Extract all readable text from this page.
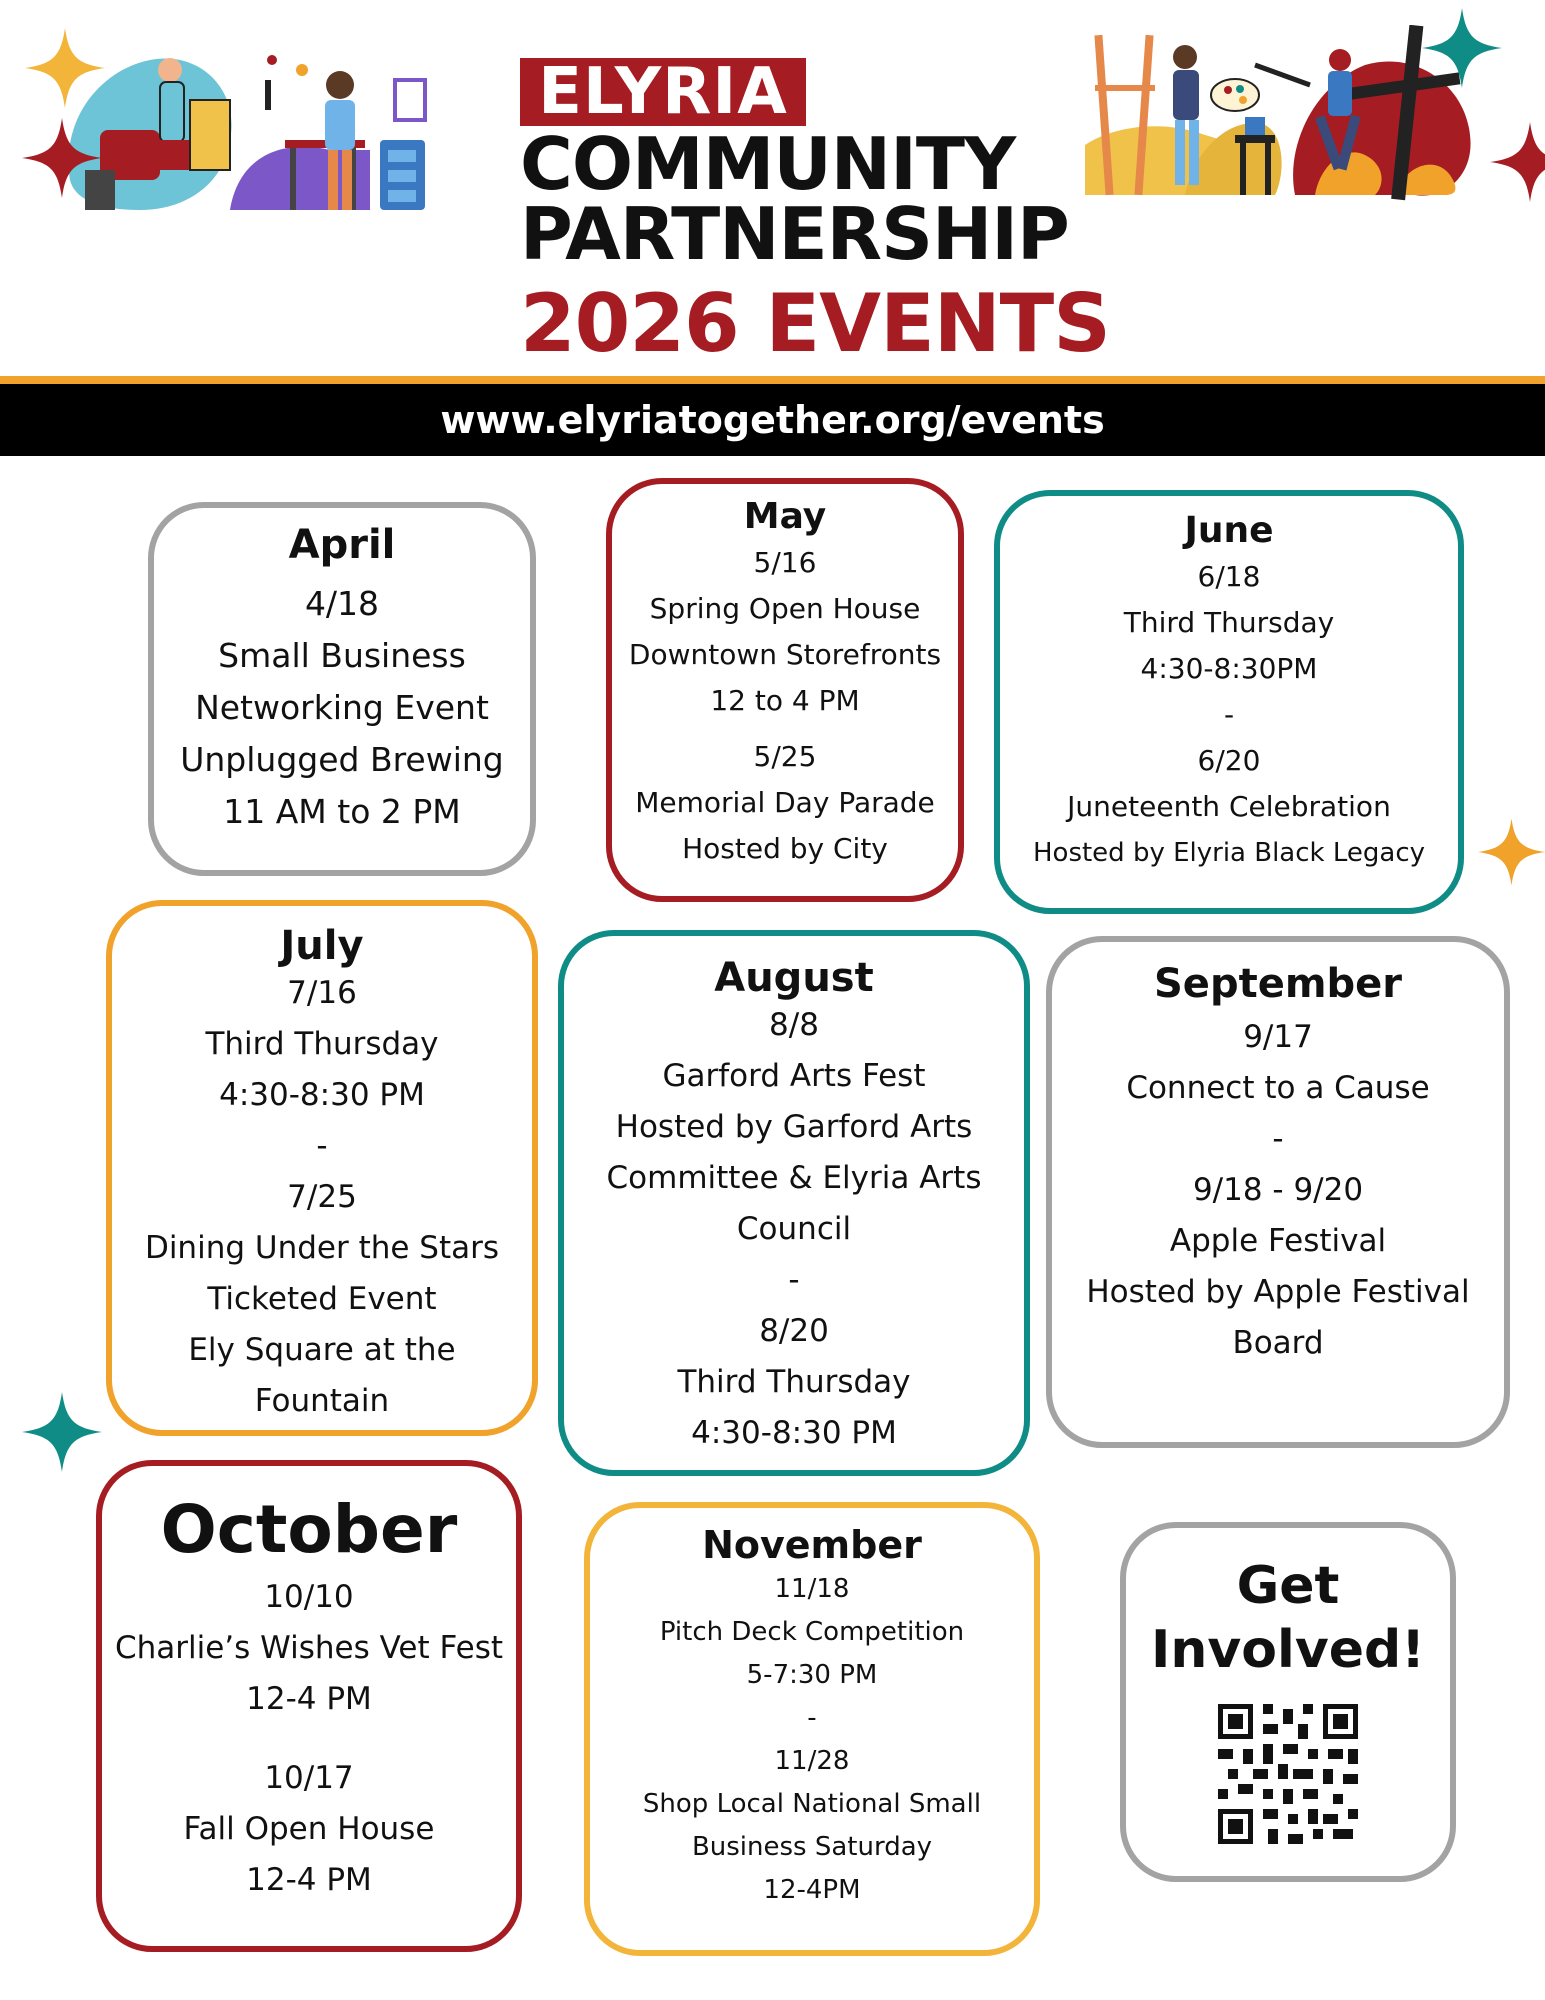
ELYRIA
COMMUNITY
PARTNERSHIP
2026 EVENTS
www.elyriatogether.org/events
April
4/18
Small Business
Networking Event
Unplugged Brewing
11 AM to 2 PM
May
5/16
Spring Open House
Downtown Storefronts
12 to 4 PM
5/25
Memorial Day Parade
Hosted by City
June
6/18
Third Thursday
4:30-8:30PM
-
6/20
Juneteenth Celebration
Hosted by Elyria Black Legacy
July
7/16
Third Thursday
4:30-8:30 PM
-
7/25
Dining Under the Stars
Ticketed Event
Ely Square at the
Fountain
August
8/8
Garford Arts Fest
Hosted by Garford Arts
Committee & Elyria Arts
Council
-
8/20
Third Thursday
4:30-8:30 PM
September
9/17
Connect to a Cause
-
9/18 - 9/20
Apple Festival
Hosted by Apple Festival
Board
October
10/10
Charlie’s Wishes Vet Fest
12-4 PM
10/17
Fall Open House
12-4 PM
November
11/18
Pitch Deck Competition
5-7:30 PM
-
11/28
Shop Local National Small
Business Saturday
12-4PM
Get
Involved!
